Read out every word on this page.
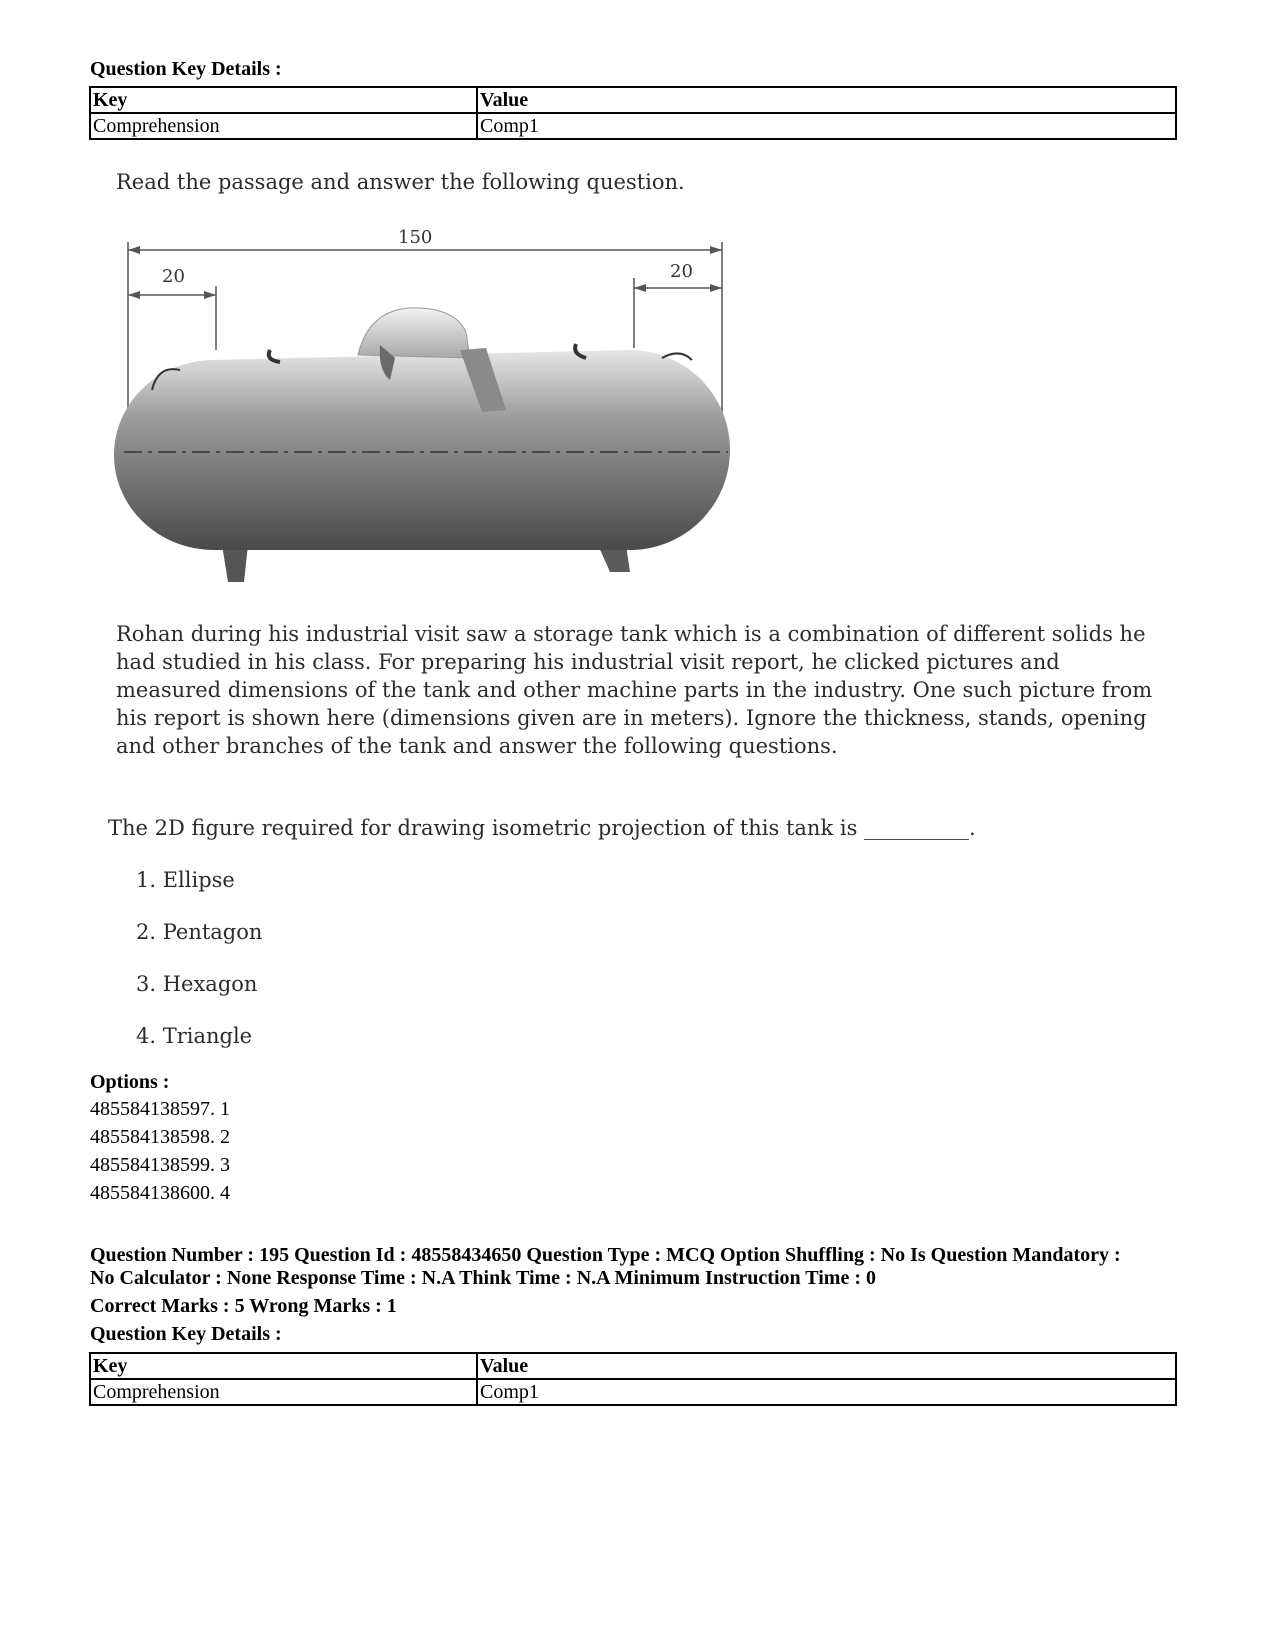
Question Key Details :
Key	Value
Comprehension	Comp1
Read the passage and answer the following question.
150
20	20
Rohan during his industrial visit saw a storage tank which is a combination of different solids he had studied in his class. For preparing his industrial visit report, he clicked pictures and measured dimensions of the tank and other machine parts in the industry. One such picture from his report is shown here (dimensions given are in meters). Ignore the thickness, stands, opening and other branches of the tank and answer the following questions.
The 2D figure required for drawing isometric projection of this tank is __________.
1. Ellipse
2. Pentagon
3. Hexagon
4. Triangle
Options :
485584138597. 1
485584138598. 2
485584138599. 3
485584138600. 4
Question Number : 195 Question Id : 48558434650 Question Type : MCQ Option Shuffling : No Is Question Mandatory :
No Calculator : None Response Time : N.A Think Time : N.A Minimum Instruction Time : 0
Correct Marks : 5 Wrong Marks : 1
Question Key Details :
Key	Value
Comprehension	Comp1
